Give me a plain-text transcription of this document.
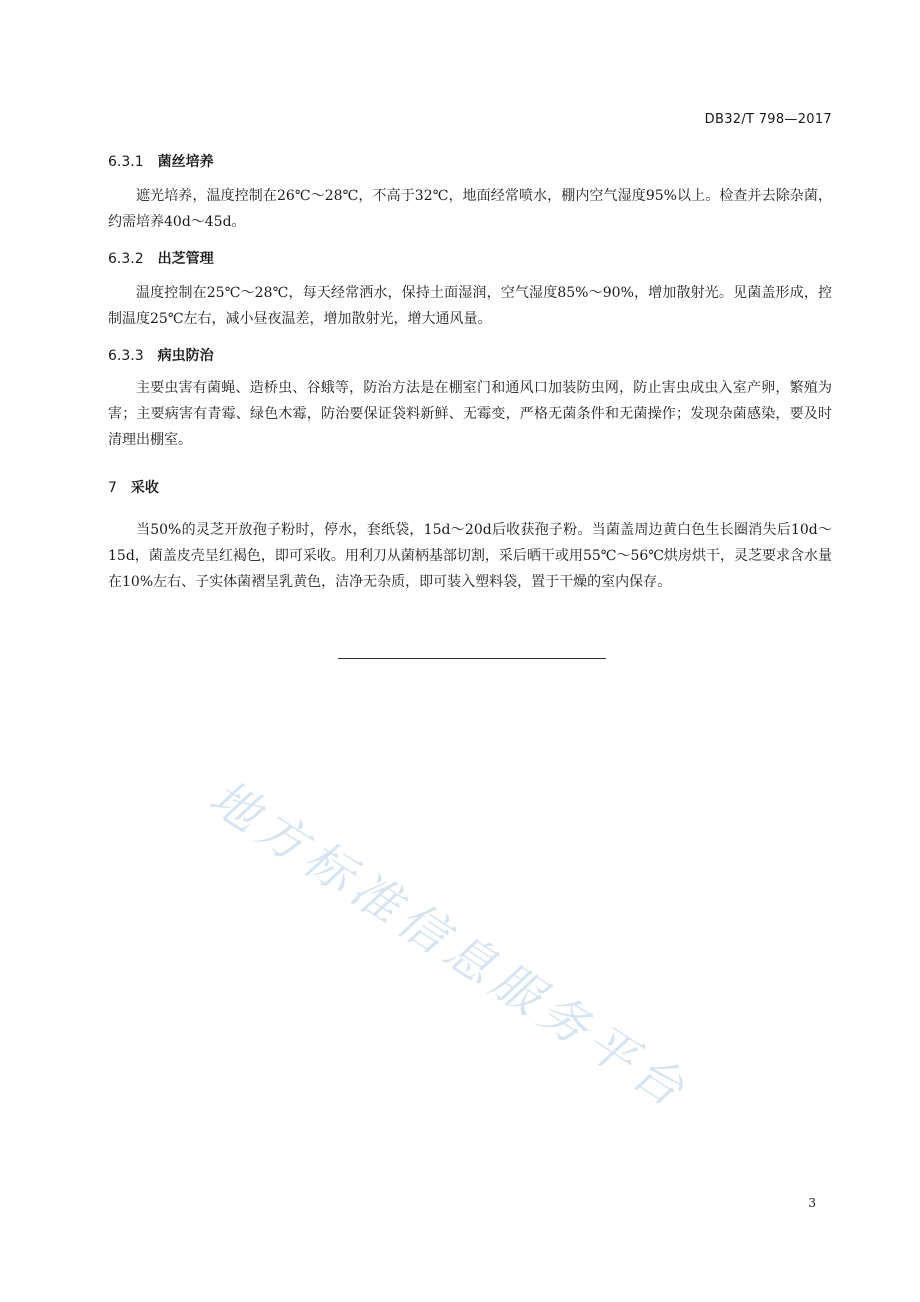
DB32/T 798—2017
6.3.1 菌丝培养
遮光培养，温度控制在26℃～28℃，不高于32℃，地面经常喷水，棚内空气湿度95%以上。检查并去除杂菌，约需培养40d～45d。
6.3.2 出芝管理
温度控制在25℃～28℃，每天经常洒水，保持土面湿润，空气湿度85%～90%，增加散射光。见菌盖形成，控制温度25℃左右，减小昼夜温差，增加散射光，增大通风量。
6.3.3 病虫防治
主要虫害有菌蝇、造桥虫、谷蛾等，防治方法是在棚室门和通风口加装防虫网，防止害虫成虫入室产卵，繁殖为害；主要病害有青霉、绿色木霉，防治要保证袋料新鲜、无霉变，严格无菌条件和无菌操作；发现杂菌感染，要及时清理出棚室。
7 采收
当50%的灵芝开放孢子粉时，停水，套纸袋，15d～20d后收获孢子粉。当菌盖周边黄白色生长圈消失后10d～15d，菌盖皮壳呈红褐色，即可采收。用利刀从菌柄基部切割，采后晒干或用55℃～56℃烘房烘干，灵芝要求含水量在10%左右、子实体菌褶呈乳黄色，洁净无杂质，即可装入塑料袋，置于干燥的室内保存。
地方标准信息服务平台
3
